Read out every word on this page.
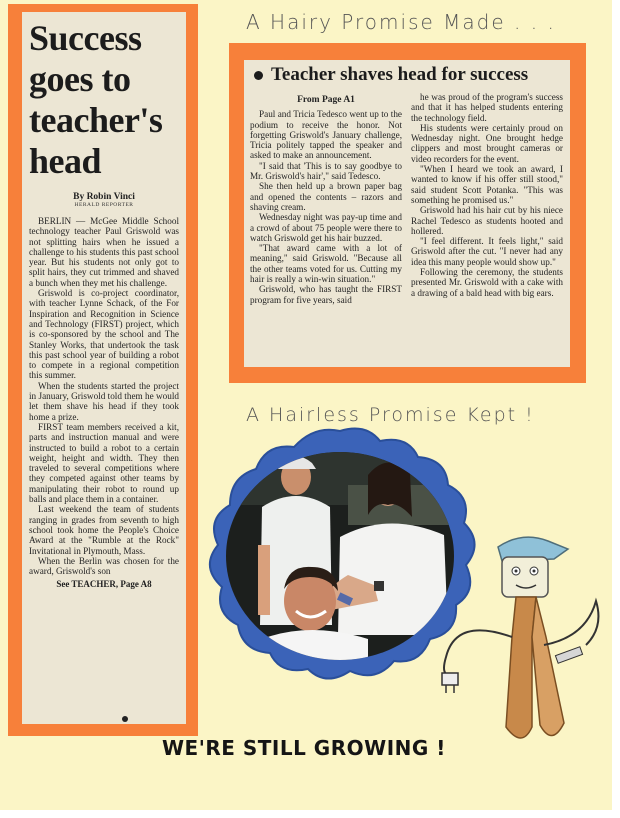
Success goes to teacher's head
By Robin Vinci
HERALD REPORTER

BERLIN — McGee Middle School technology teacher Paul Griswold was not splitting hairs when he issued a challenge to his students this past school year. But his students not only got to split hairs, they cut trimmed and shaved a bunch when they met his challenge.

Griswold is co-project coordinator, with teacher Lynne Schack, of the For Inspiration and Recognition in Science and Technology (FIRST) project, which is co-sponsored by the school and The Stanley Works, that undertook the task this past school year of building a robot to compete in a regional competition this summer.

When the students started the project in January, Griswold told them he would let them shave his head if they took home a prize.

FIRST team members received a kit, parts and instruction manual and were instructed to build a robot to a certain weight, height and width. They then traveled to several competitions where they competed against other teams by manipulating their robot to round up balls and place them in a container.

Last weekend the team of students ranging in grades from seventh to high school took home the People's Choice Award at the "Rumble at the Rock" Invitational in Plymouth, Mass.

When the Berlin was chosen for the award, Griswold's son

See TEACHER, Page A8
A Hairy Promise Made . . .
Teacher shaves head for success
From Page A1

Paul and Tricia Tedesco went up to the podium to receive the honor. Not forgetting Griswold's January challenge, Tricia politely tapped the speaker and asked to make an announcement.

"I said that 'This is to say goodbye to Mr. Griswold's hair'," said Tedesco.

She then held up a brown paper bag and opened the contents – razors and shaving cream.

Wednesday night was pay-up time and a crowd of about 75 people were there to watch Griswold get his hair buzzed.

"That award came with a lot of meaning," said Griswold. "Because all the other teams voted for us. Cutting my hair is really a win-win situation."

Griswold, who has taught the FIRST program for five years, said

he was proud of the program's success and that it has helped students entering the technology field.

His students were certainly proud on Wednesday night. One brought hedge clippers and most brought cameras or video recorders for the event.

"When I heard we took an award, I wanted to know if his offer still stood," said student Scott Potanka. "This was something he promised us."

Griswold had his hair cut by his niece Rachel Tedesco as students hooted and hollered.

"I feel different. It feels light," said Griswold after the cut. "I never had any idea this many people would show up."

Following the ceremony, the students presented Mr. Griswold with a cake with a drawing of a bald head with big ears.

A Hairless Promise Kept !
WE'RE STILL GROWING !
